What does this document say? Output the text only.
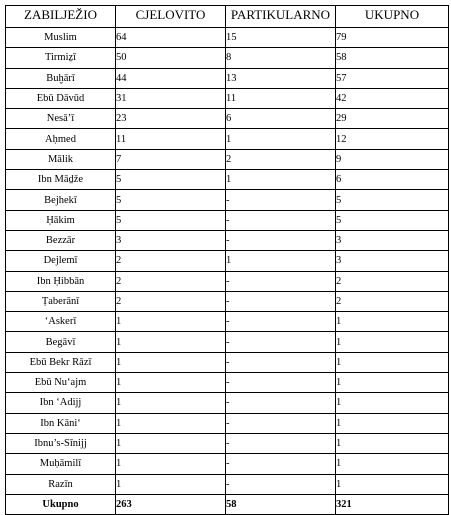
ZABILJEŽIO	CJELOVITO	PARTIKULARNO	UKUPNO
Muslim	64	15	79
Tirmiẕī	50	8	58
Buḫārī	44	13	57
Ebū Dāvūd	31	11	42
Nesā’ī	23	6	29
Aḥmed	11	1	12
Mālik	7	2	9
Ibn Māḏže	5	1	6
Bejhekī	5	-	5
Ḥākim	5	-	5
Bezzār	3	-	3
Dejlemī	2	1	3
Ibn Ḥibbān	2	-	2
Ṭaberānī	2	-	2
‘Askerī	1	-	1
Begāvī	1	-	1
Ebū Bekr Rāzī	1	-	1
Ebū Nu‘ajm	1	-	1
Ibn ‘Adijj	1	-	1
Ibn Kāni‘	1	-	1
Ibnu’s-Sīnijj	1	-	1
Muḥāmilī	1	-	1
Razīn	1	-	1
Ukupno	263	58	321
